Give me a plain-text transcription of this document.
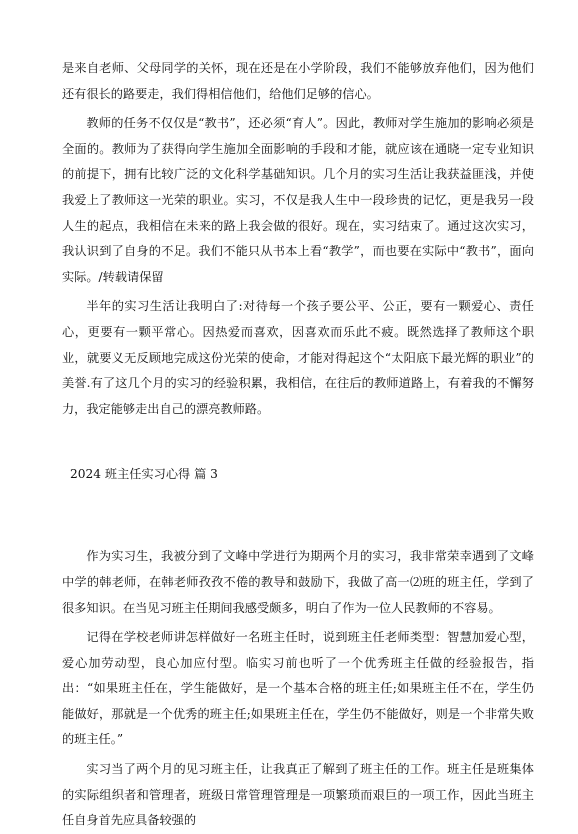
是来自老师、父母同学的关怀，现在还是在小学阶段，我们不能够放弃他们，因为他们还有很长的路要走，我们得相信他们，给他们足够的信心。

教师的任务不仅仅是“教书”，还必须“育人”。因此，教师对学生施加的影响必须是全面的。教师为了获得向学生施加全面影响的手段和才能，就应该在通晓一定专业知识的前提下，拥有比较广泛的文化科学基础知识。几个月的实习生活让我获益匪浅，并使我爱上了教师这一光荣的职业。实习，不仅是我人生中一段珍贵的记忆，更是我另一段人生的起点，我相信在未来的路上我会做的很好。现在，实习结束了。通过这次实习，我认识到了自身的不足。我们不能只从书本上看“教学”，而也要在实际中“教书”，面向实际。/转载请保留

半年的实习生活让我明白了:对待每一个孩子要公平、公正，要有一颗爱心、责任心，更要有一颗平常心。因热爱而喜欢，因喜欢而乐此不疲。既然选择了教师这个职业，就要义无反顾地完成这份光荣的使命，才能对得起这个“太阳底下最光辉的职业”的美誉.有了这几个月的实习的经验积累，我相信，在往后的教师道路上，有着我的不懈努力，我定能够走出自己的漂亮教师路。

2024 班主任实习心得 篇 3

作为实习生，我被分到了文峰中学进行为期两个月的实习，我非常荣幸遇到了文峰中学的韩老师，在韩老师孜孜不倦的教导和鼓励下，我做了高一⑵班的班主任，学到了很多知识。在当见习班主任期间我感受颇多，明白了作为一位人民教师的不容易。

记得在学校老师讲怎样做好一名班主任时，说到班主任老师类型：智慧加爱心型，爱心加劳动型，良心加应付型。临实习前也听了一个优秀班主任做的经验报告，指出：“如果班主任在，学生能做好，是一个基本合格的班主任;如果班主任不在，学生仍能做好，那就是一个优秀的班主任;如果班主任在，学生仍不能做好，则是一个非常失败的班主任。”

实习当了两个月的见习班主任，让我真正了解到了班主任的工作。班主任是班集体的实际组织者和管理者，班级日常管理管理是一项繁琐而艰巨的一项工作，因此当班主任自身首先应具备较强的
